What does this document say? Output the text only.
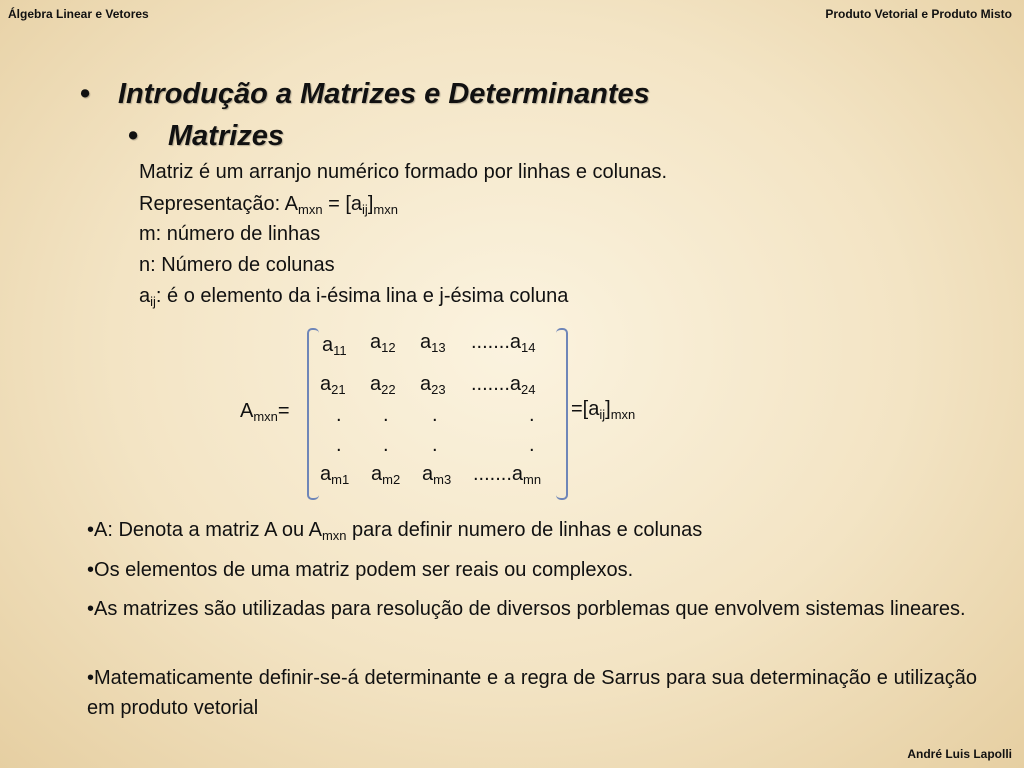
Álgebra Linear e Vetores	Produto Vetorial e Produto Misto
• Introdução a Matrizes e Determinantes
• Matrizes
Matriz é um arranjo numérico formado por linhas e colunas.
Representação: $A_{mxn} = [a_{ij}]_{mxn}$
m: número de linhas
n: Número de colunas
$a_{ij}$: é o elemento da i-ésima lina e j-ésima coluna
$A_{mxn}=$	$=[a_{ij}]_{mxn}$
$a_{11}$ $a_{12}$ $a_{13}$ $.......a_{14}$
$a_{21}$ $a_{22}$ $a_{23}$ $.......a_{24}$
. . .	.
. . .	.
$a_{m1}$ $a_{m2}$ $a_{m3}$ $.......a_{mn}$
•A: Denota a matriz A ou $A_{mxn}$ para definir numero de linhas e colunas
•Os elementos de uma matriz podem ser reais ou complexos.
•As matrizes são utilizadas para resolução de diversos porblemas que envolvem sistemas lineares.
•Matematicamente definir-se-á determinante e a regra de Sarrus para sua determinação e utilização em produto vetorial
André Luis Lapolli
